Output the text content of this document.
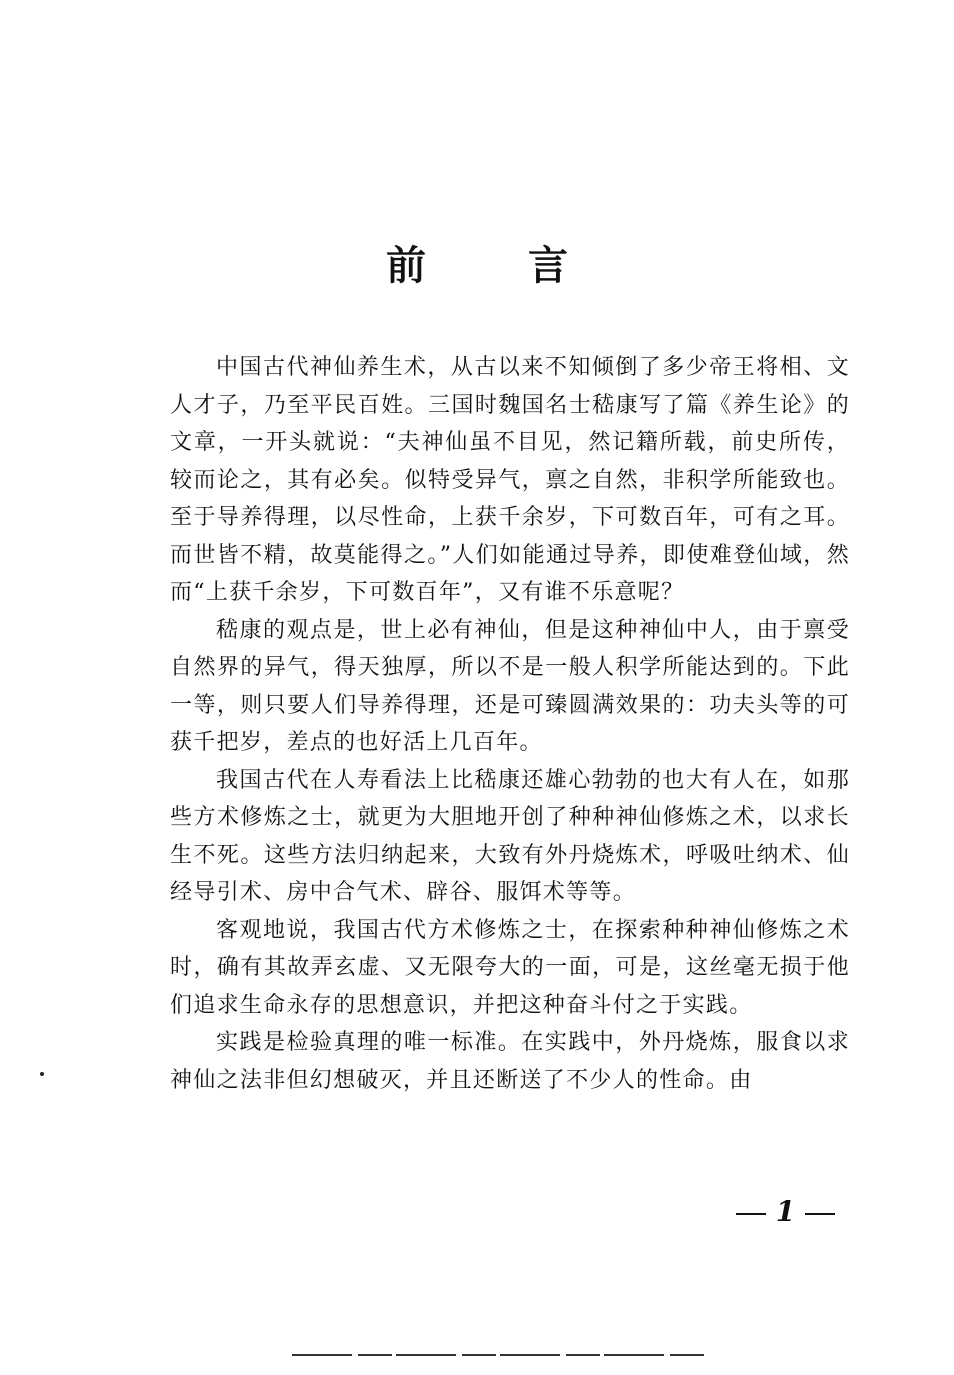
前 言

中国古代神仙养生术，从古以来不知倾倒了多少帝王将相、文人才子，乃至平民百姓。三国时魏国名士嵇康写了篇《养生论》的文章，一开头就说：“夫神仙虽不目见，然记籍所载，前史所传，较而论之，其有必矣。似特受异气，禀之自然，非积学所能致也。至于导养得理，以尽性命，上获千余岁，下可数百年，可有之耳。而世皆不精，故莫能得之。”人们如能通过导养，即使难登仙域，然而“上获千余岁，下可数百年”，又有谁不乐意呢？

嵇康的观点是，世上必有神仙，但是这种神仙中人，由于禀受自然界的异气，得天独厚，所以不是一般人积学所能达到的。下此一等，则只要人们导养得理，还是可臻圆满效果的：功夫头等的可获千把岁，差点的也好活上几百年。

我国古代在人寿看法上比嵇康还雄心勃勃的也大有人在，如那些方术修炼之士，就更为大胆地开创了种种神仙修炼之术，以求长生不死。这些方法归纳起来，大致有外丹烧炼术，呼吸吐纳术、仙经导引术、房中合气术、辟谷、服饵术等等。

客观地说，我国古代方术修炼之士，在探索种种神仙修炼之术时，确有其故弄玄虚、又无限夸大的一面，可是，这丝毫无损于他们追求生命永存的思想意识，并把这种奋斗付之于实践。

实践是检验真理的唯一标准。在实践中，外丹烧炼，服食以求神仙之法非但幻想破灭，并且还断送了不少人的性命。由

1
